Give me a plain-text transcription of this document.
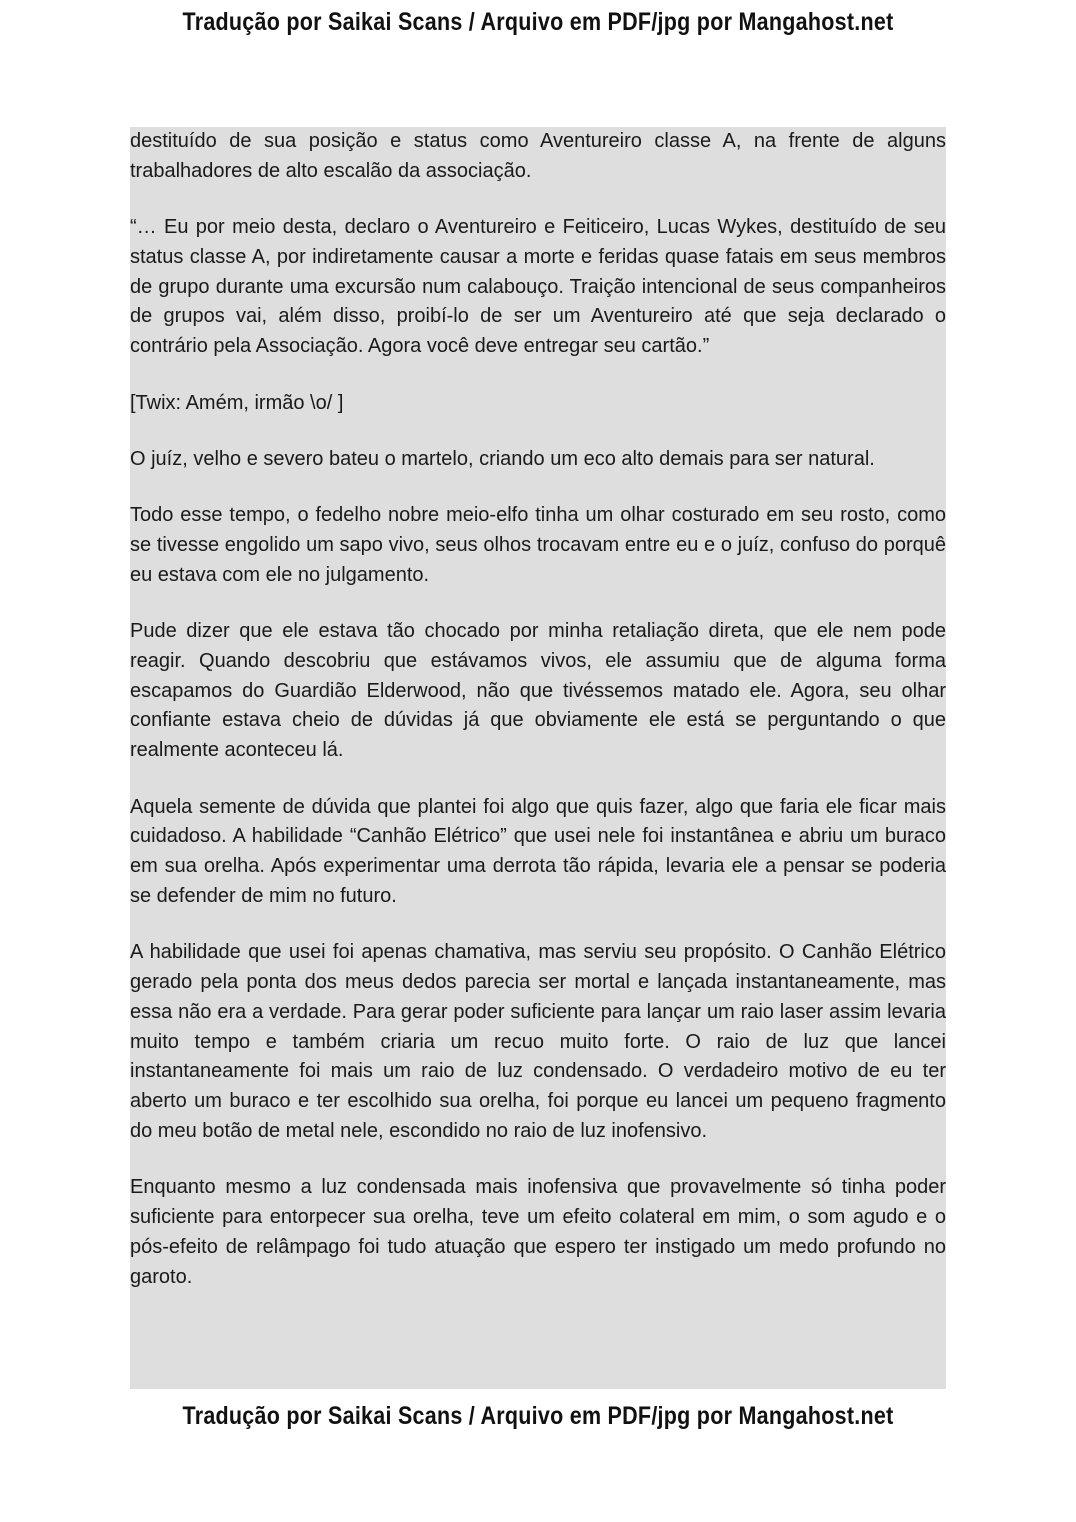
Tradução por Saikai Scans / Arquivo em PDF/jpg por Mangahost.net

destituído de sua posição e status como Aventureiro classe A, na frente de alguns trabalhadores de alto escalão da associação.

“… Eu por meio desta, declaro o Aventureiro e Feiticeiro, Lucas Wykes, destituído de seu status classe A, por indiretamente causar a morte e feridas quase fatais em seus membros de grupo durante uma excursão num calabouço. Traição intencional de seus companheiros de grupos vai, além disso, proibí-lo de ser um Aventureiro até que seja declarado o contrário pela Associação. Agora você deve entregar seu cartão.”

[Twix: Amém, irmão \o/ ]

O juíz, velho e severo bateu o martelo, criando um eco alto demais para ser natural.

Todo esse tempo, o fedelho nobre meio-elfo tinha um olhar costurado em seu rosto, como se tivesse engolido um sapo vivo, seus olhos trocavam entre eu e o juíz, confuso do porquê eu estava com ele no julgamento.

Pude dizer que ele estava tão chocado por minha retaliação direta, que ele nem pode reagir. Quando descobriu que estávamos vivos, ele assumiu que de alguma forma escapamos do Guardião Elderwood, não que tivéssemos matado ele. Agora, seu olhar confiante estava cheio de dúvidas já que obviamente ele está se perguntando o que realmente aconteceu lá.

Aquela semente de dúvida que plantei foi algo que quis fazer, algo que faria ele ficar mais cuidadoso. A habilidade “Canhão Elétrico” que usei nele foi instantânea e abriu um buraco em sua orelha. Após experimentar uma derrota tão rápida, levaria ele a pensar se poderia se defender de mim no futuro.

A habilidade que usei foi apenas chamativa, mas serviu seu propósito. O Canhão Elétrico gerado pela ponta dos meus dedos parecia ser mortal e lançada instantaneamente, mas essa não era a verdade. Para gerar poder suficiente para lançar um raio laser assim levaria muito tempo e também criaria um recuo muito forte. O raio de luz que lancei instantaneamente foi mais um raio de luz condensado. O verdadeiro motivo de eu ter aberto um buraco e ter escolhido sua orelha, foi porque eu lancei um pequeno fragmento do meu botão de metal nele, escondido no raio de luz inofensivo.

Enquanto mesmo a luz condensada mais inofensiva que provavelmente só tinha poder suficiente para entorpecer sua orelha, teve um efeito colateral em mim, o som agudo e o pós-efeito de relâmpago foi tudo atuação que espero ter instigado um medo profundo no garoto.

Tradução por Saikai Scans / Arquivo em PDF/jpg por Mangahost.net
